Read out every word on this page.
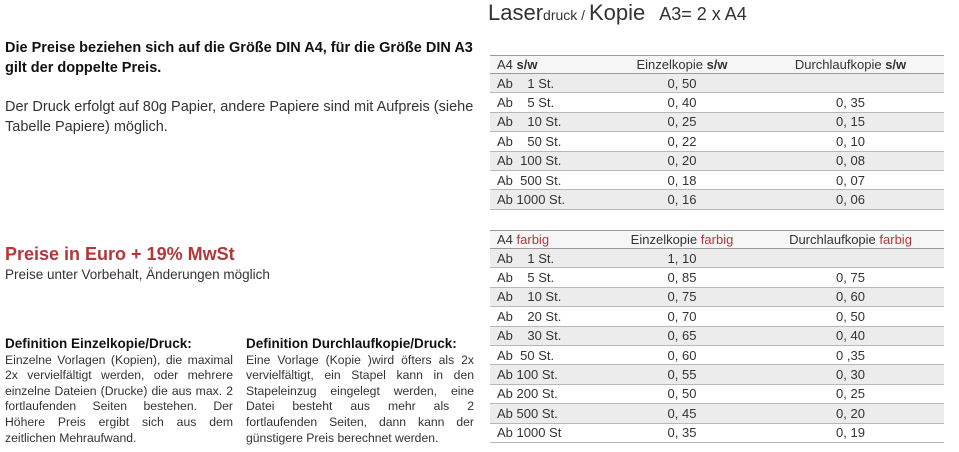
Die Preise beziehen sich auf die Größe DIN A4, für die Größe DIN A3 gilt der doppelte Preis.
Der Druck erfolgt auf 80g Papier, andere Papiere sind mit Aufpreis (siehe Tabelle Papiere) möglich.
Preise in Euro + 19% MwSt
Preise unter Vorbehalt, Änderungen möglich
Definition Einzelkopie/Druck:

Einzelne Vorlagen (Kopien), die maximal 2x vervielfältigt werden, oder mehrere einzelne Dateien (Drucke) die aus max. 2 fortlaufenden Seiten bestehen. Der Höhere Preis ergibt sich aus dem zeitlichen Mehraufwand.

Definition Durchlaufkopie/Druck:

Eine Vorlage (Kopie )wird öfters als 2x vervielfältigt, ein Stapel kann in den Stapeleinzug eingelegt werden, eine Datei besteht aus mehr als 2 fortlaufenden Seiten, dann kann der günstigere Preis berechnet werden.

Laserdruck / Kopie A3= 2 x A4
A4 s/w	Einzelkopie s/w	Durchlaufkopie s/w
Ab    1 St.	0, 50	
Ab    5 St.	0, 40	0, 35
Ab    10 St.	0, 25	0, 15
Ab    50 St.	0, 22	0, 10
Ab  100 St.	0, 20	0, 08
Ab  500 St.	0, 18	0, 07
Ab 1000 St.	0, 16	0, 06
A4 farbig	Einzelkopie farbig	Durchlaufkopie farbig
Ab    1 St.	1, 10	
Ab    5 St.	0, 85	0, 75
Ab    10 St.	0, 75	0, 60
Ab    20 St.	0, 70	0, 50
Ab    30 St.	0, 65	0, 40
Ab  50 St.	0, 60	0 ,35
Ab 100 St.	0, 55	0, 30
Ab 200 St.	0, 50	0, 25
Ab 500 St.	0, 45	0, 20
Ab 1000 St	0, 35	0, 19
